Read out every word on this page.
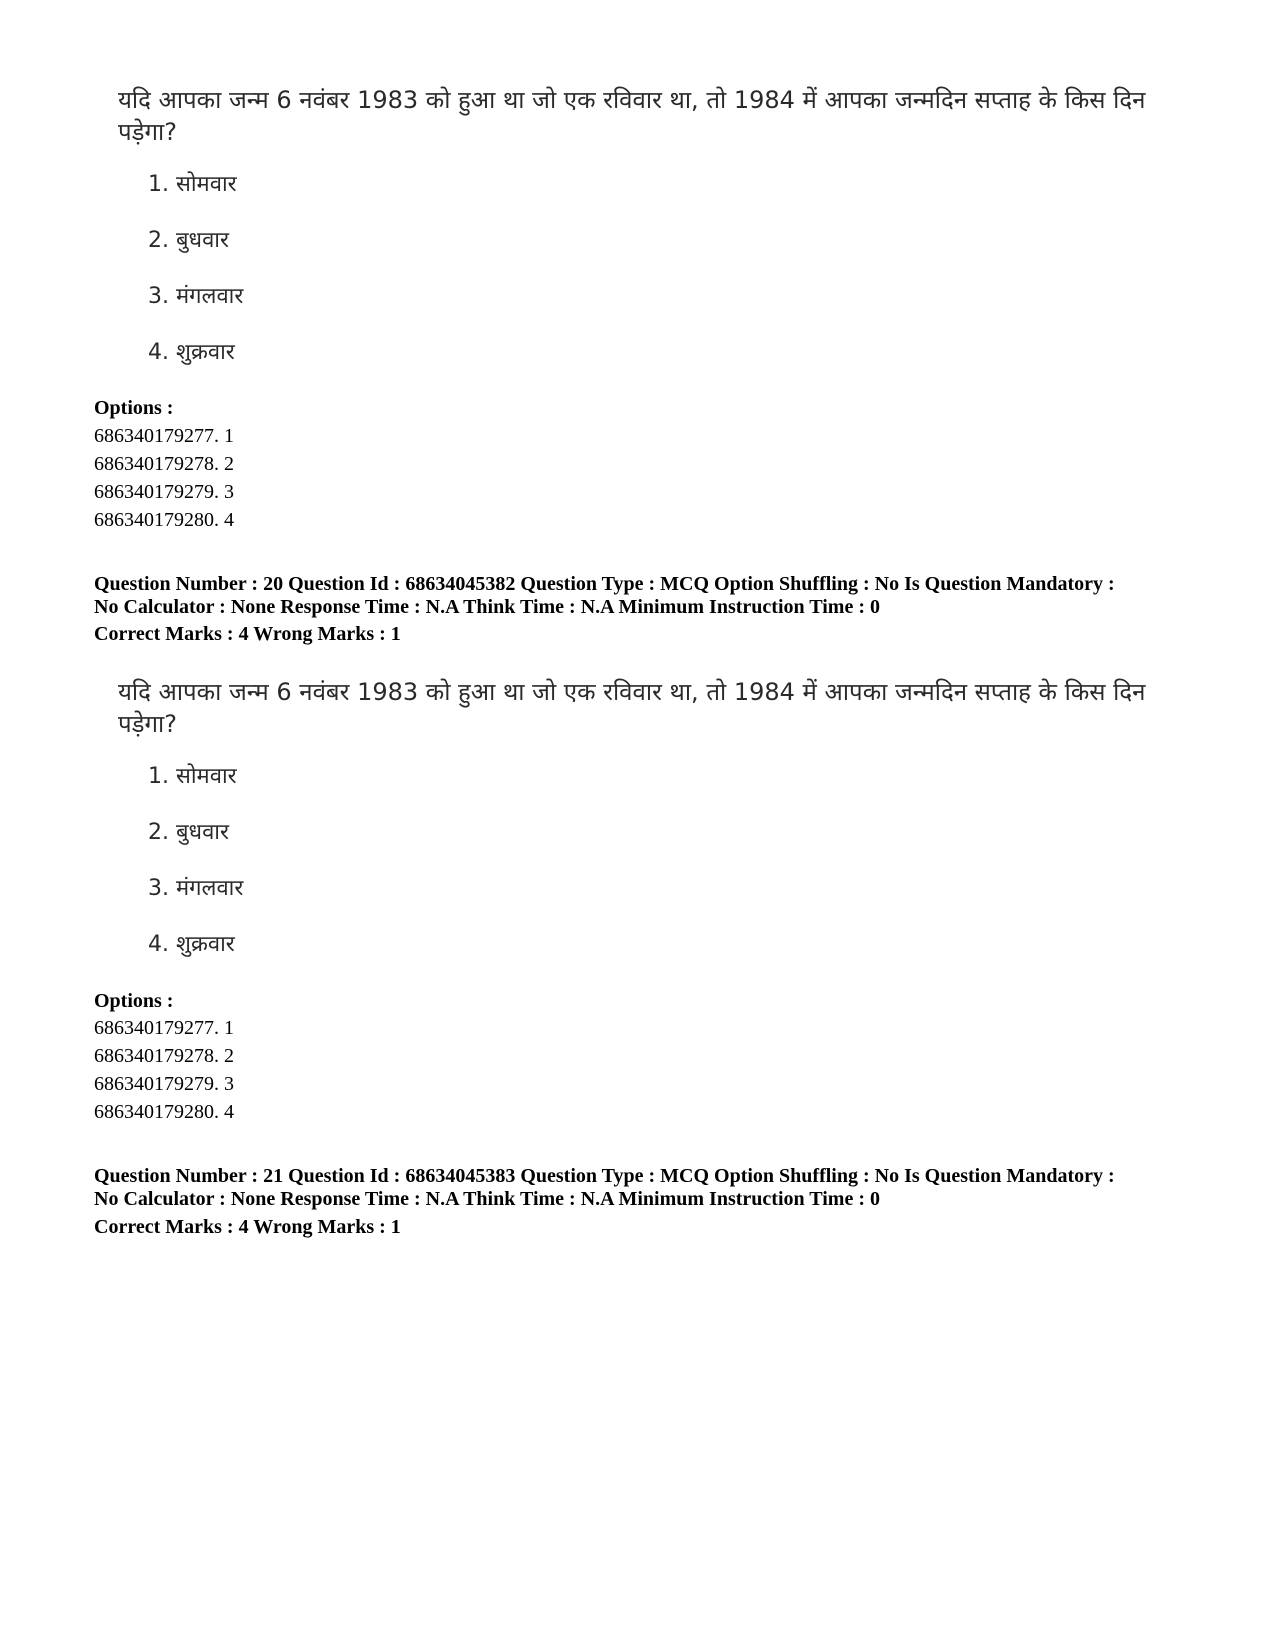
यदि आपका जन्म 6 नवंबर 1983 को हुआ था जो एक रविवार था, तो 1984 में आपका जन्मदिन सप्ताह के किस दिन पड़ेगा?

1. सोमवार
2. बुधवार
3. मंगलवार
4. शुक्रवार
Options :
686340179277. 1
686340179278. 2
686340179279. 3
686340179280. 4
Question Number : 20 Question Id : 68634045382 Question Type : MCQ Option Shuffling : No Is Question Mandatory :
No Calculator : None Response Time : N.A Think Time : N.A Minimum Instruction Time : 0
Correct Marks : 4 Wrong Marks : 1

यदि आपका जन्म 6 नवंबर 1983 को हुआ था जो एक रविवार था, तो 1984 में आपका जन्मदिन सप्ताह के किस दिन पड़ेगा?

1. सोमवार
2. बुधवार
3. मंगलवार
4. शुक्रवार
Options :
686340179277. 1
686340179278. 2
686340179279. 3
686340179280. 4
Question Number : 21 Question Id : 68634045383 Question Type : MCQ Option Shuffling : No Is Question Mandatory :
No Calculator : None Response Time : N.A Think Time : N.A Minimum Instruction Time : 0
Correct Marks : 4 Wrong Marks : 1
